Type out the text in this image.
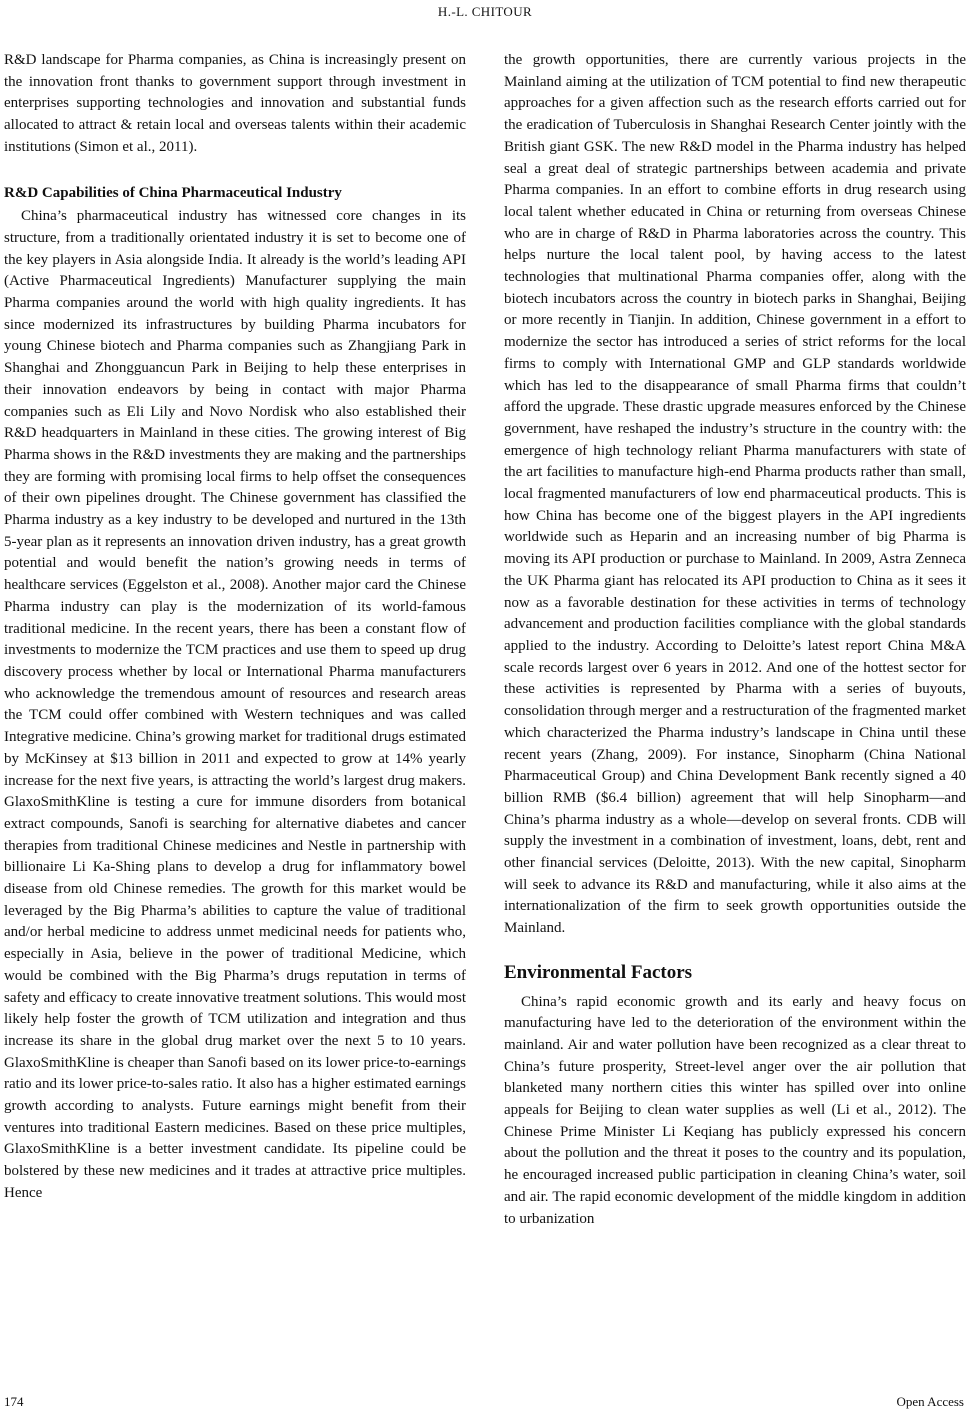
H.-L. CHITOUR

R&D landscape for Pharma companies, as China is increasingly present on the innovation front thanks to government support through investment in enterprises supporting technologies and innovation and substantial funds allocated to attract & retain local and overseas talents within their academic institutions (Simon et al., 2011).

R&D Capabilities of China Pharmaceutical Industry

China’s pharmaceutical industry has witnessed core changes in its structure, from a traditionally orientated industry it is set to become one of the key players in Asia alongside India. It already is the world’s leading API (Active Pharmaceutical Ingredients) Manufacturer supplying the main Pharma companies around the world with high quality ingredients. It has since modernized its infrastructures by building Pharma incubators for young Chinese biotech and Pharma companies such as Zhangjiang Park in Shanghai and Zhongguancun Park in Beijing to help these enterprises in their innovation endeavors by being in contact with major Pharma companies such as Eli Lily and Novo Nordisk who also established their R&D headquarters in Mainland in these cities. The growing interest of Big Pharma shows in the R&D investments they are making and the partnerships they are forming with promising local firms to help offset the consequences of their own pipelines drought. The Chinese government has classified the Pharma industry as a key industry to be developed and nurtured in the 13th 5-year plan as it represents an innovation driven industry, has a great growth potential and would benefit the nation’s growing needs in terms of healthcare services (Eggelston et al., 2008). Another major card the Chinese Pharma industry can play is the modernization of its world-famous traditional medicine. In the recent years, there has been a constant flow of investments to modernize the TCM practices and use them to speed up drug discovery process whether by local or International Pharma manufacturers who acknowledge the tremendous amount of resources and research areas the TCM could offer combined with Western techniques and was called Integrative medicine. China’s growing market for traditional drugs estimated by McKinsey at $13 billion in 2011 and expected to grow at 14% yearly increase for the next five years, is attracting the world’s largest drug makers. GlaxoSmithKline is testing a cure for immune disorders from botanical extract compounds, Sanofi is searching for alternative diabetes and cancer therapies from traditional Chinese medicines and Nestle in partnership with billionaire Li Ka-Shing plans to develop a drug for inflammatory bowel disease from old Chinese remedies. The growth for this market would be leveraged by the Big Pharma’s abilities to capture the value of traditional and/or herbal medicine to address unmet medicinal needs for patients who, especially in Asia, believe in the power of traditional Medicine, which would be combined with the Big Pharma’s drugs reputation in terms of safety and efficacy to create innovative treatment solutions. This would most likely help foster the growth of TCM utilization and integration and thus increase its share in the global drug market over the next 5 to 10 years. GlaxoSmithKline is cheaper than Sanofi based on its lower price-to-earnings ratio and its lower price-to-sales ratio. It also has a higher estimated earnings growth according to analysts. Future earnings might benefit from their ventures into traditional Eastern medicines. Based on these price multiples, GlaxoSmithKline is a better investment candidate. Its pipeline could be bolstered by these new medicines and it trades at attractive price multiples. Hence

the growth opportunities, there are currently various projects in the Mainland aiming at the utilization of TCM potential to find new therapeutic approaches for a given affection such as the research efforts carried out for the eradication of Tuberculosis in Shanghai Research Center jointly with the British giant GSK. The new R&D model in the Pharma industry has helped seal a great deal of strategic partnerships between academia and private Pharma companies. In an effort to combine efforts in drug research using local talent whether educated in China or returning from overseas Chinese who are in charge of R&D in Pharma laboratories across the country. This helps nurture the local talent pool, by having access to the latest technologies that multinational Pharma companies offer, along with the biotech incubators across the country in biotech parks in Shanghai, Beijing or more recently in Tianjin. In addition, Chinese government in a effort to modernize the sector has introduced a series of strict reforms for the local firms to comply with International GMP and GLP standards worldwide which has led to the disappearance of small Pharma firms that couldn’t afford the upgrade. These drastic upgrade measures enforced by the Chinese government, have reshaped the industry’s structure in the country with: the emergence of high technology reliant Pharma manufacturers with state of the art facilities to manufacture high-end Pharma products rather than small, local fragmented manufacturers of low end pharmaceutical products. This is how China has become one of the biggest players in the API ingredients worldwide such as Heparin and an increasing number of big Pharma is moving its API production or purchase to Mainland. In 2009, Astra Zenneca the UK Pharma giant has relocated its API production to China as it sees it now as a favorable destination for these activities in terms of technology advancement and production facilities compliance with the global standards applied to the industry. According to Deloitte’s latest report China M&A scale records largest over 6 years in 2012. And one of the hottest sector for these activities is represented by Pharma with a series of buyouts, consolidation through merger and a restructuration of the fragmented market which characterized the Pharma industry’s landscape in China until these recent years (Zhang, 2009). For instance, Sinopharm (China National Pharmaceutical Group) and China Development Bank recently signed a 40 billion RMB ($6.4 billion) agreement that will help Sinopharm—and China’s pharma industry as a whole—develop on several fronts. CDB will supply the investment in a combination of investment, loans, debt, rent and other financial services (Deloitte, 2013). With the new capital, Sinopharm will seek to advance its R&D and manufacturing, while it also aims at the internationalization of the firm to seek growth opportunities outside the Mainland.

Environmental Factors

China’s rapid economic growth and its early and heavy focus on manufacturing have led to the deterioration of the environment within the mainland. Air and water pollution have been recognized as a clear threat to China’s future prosperity, Street-level anger over the air pollution that blanketed many northern cities this winter has spilled over into online appeals for Beijing to clean water supplies as well (Li et al., 2012). The Chinese Prime Minister Li Keqiang has publicly expressed his concern about the pollution and the threat it poses to the country and its population, he encouraged increased public participation in cleaning China’s water, soil and air. The rapid economic development of the middle kingdom in addition to urbanization

174	Open Access
